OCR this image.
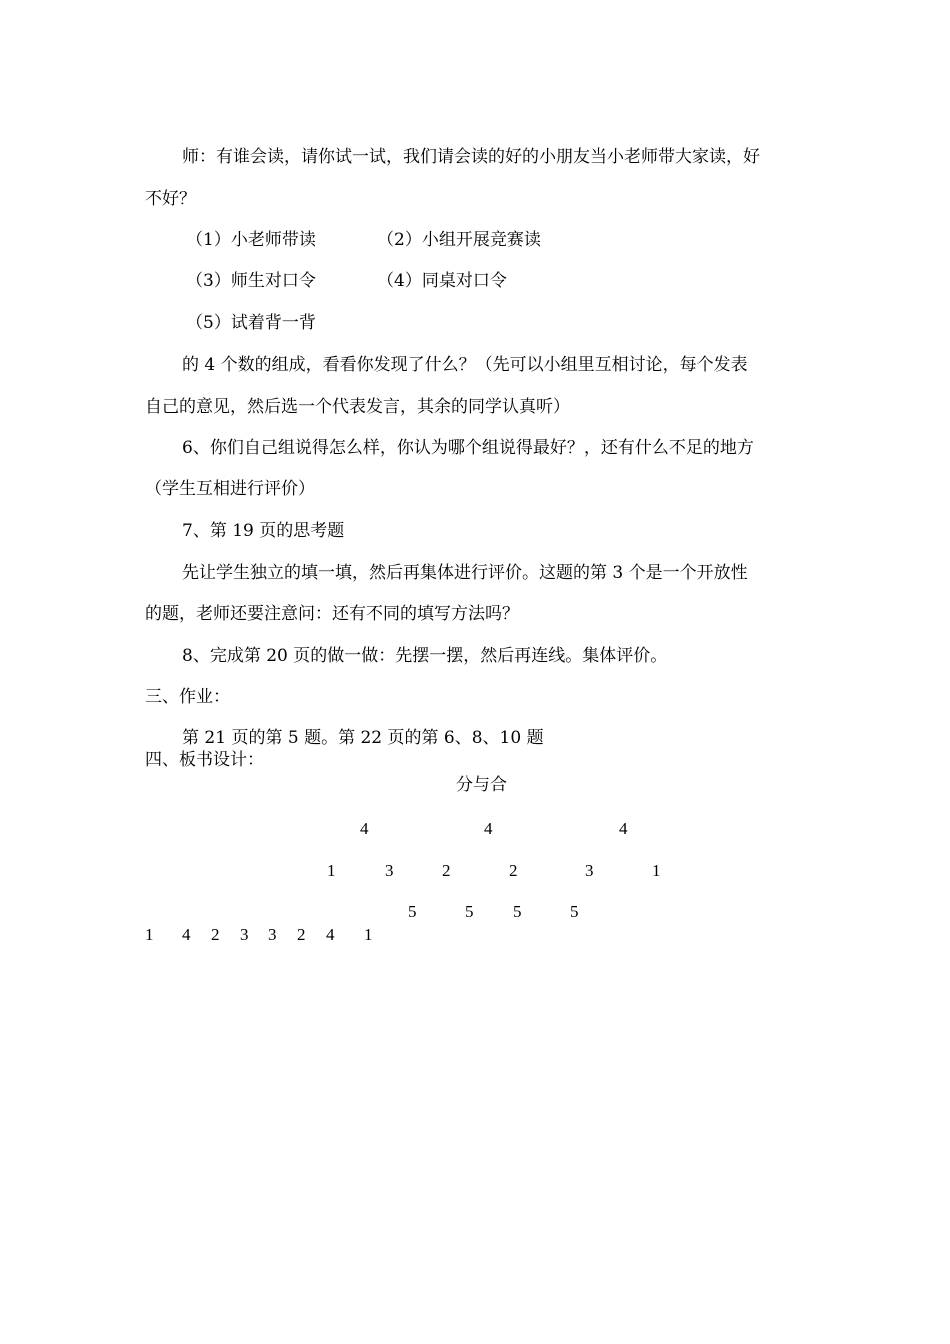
师：有谁会读，请你试一试，我们请会读的好的小朋友当小老师带大家读，好
不好？
（1）小老师带读	（2）小组开展竞赛读
（3）师生对口令	（4）同桌对口令
（5）试着背一背
的 4 个数的组成，看看你发现了什么？（先可以小组里互相讨论，每个发表
自己的意见，然后选一个代表发言，其余的同学认真听）
6、你们自己组说得怎么样，你认为哪个组说得最好？，还有什么不足的地方
（学生互相进行评价）
7、第 19 页的思考题
先让学生独立的填一填，然后再集体进行评价。这题的第 3 个是一个开放性
的题，老师还要注意问：还有不同的填写方法吗？
8、完成第 20 页的做一做：先摆一摆，然后再连线。集体评价。
三、作业：
第 21 页的第 5 题。第 22 页的第 6、8、10 题
四、板书设计：
分与合
4	4	4
1	3	2	2	3	1
5	5 5	5
1 4 2 3 3 2 4 1
